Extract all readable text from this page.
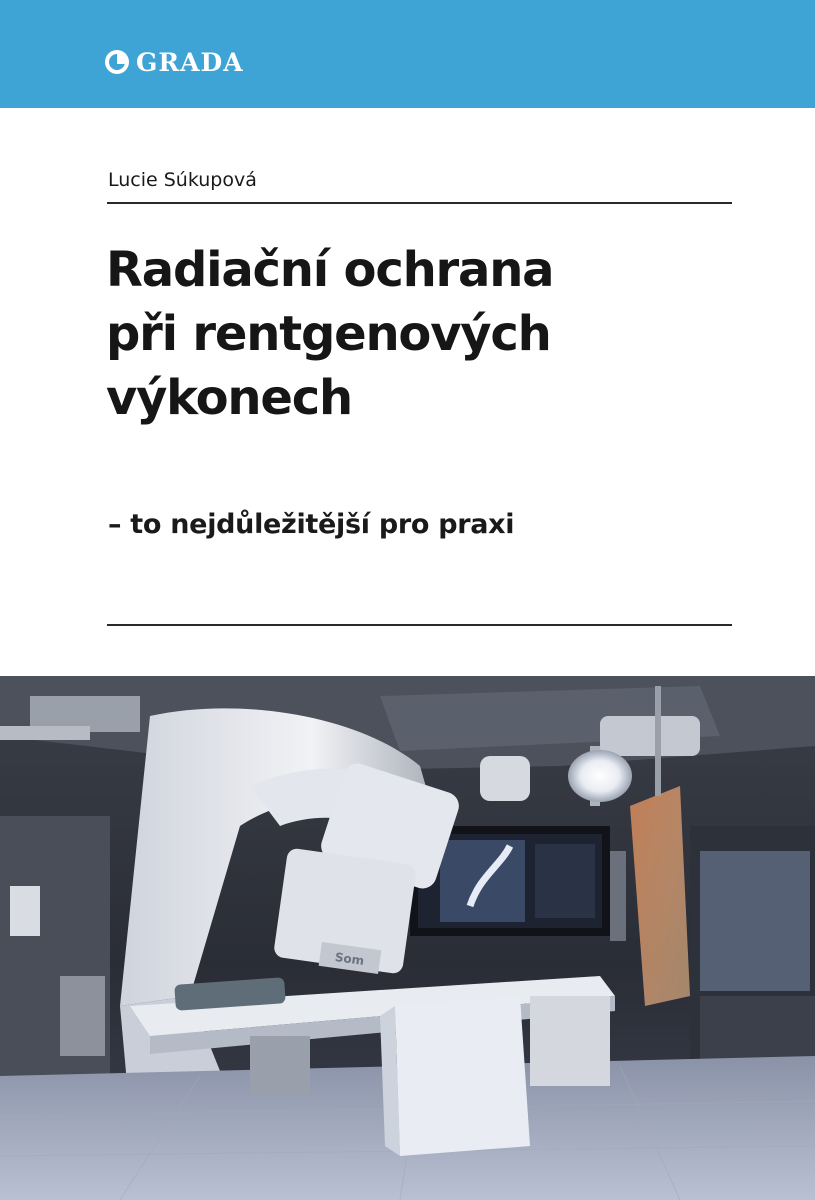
GRADA
Lucie Súkupová
Radiační ochrana
při rentgenových
výkonech
– to nejdůležitější pro praxi
Som
